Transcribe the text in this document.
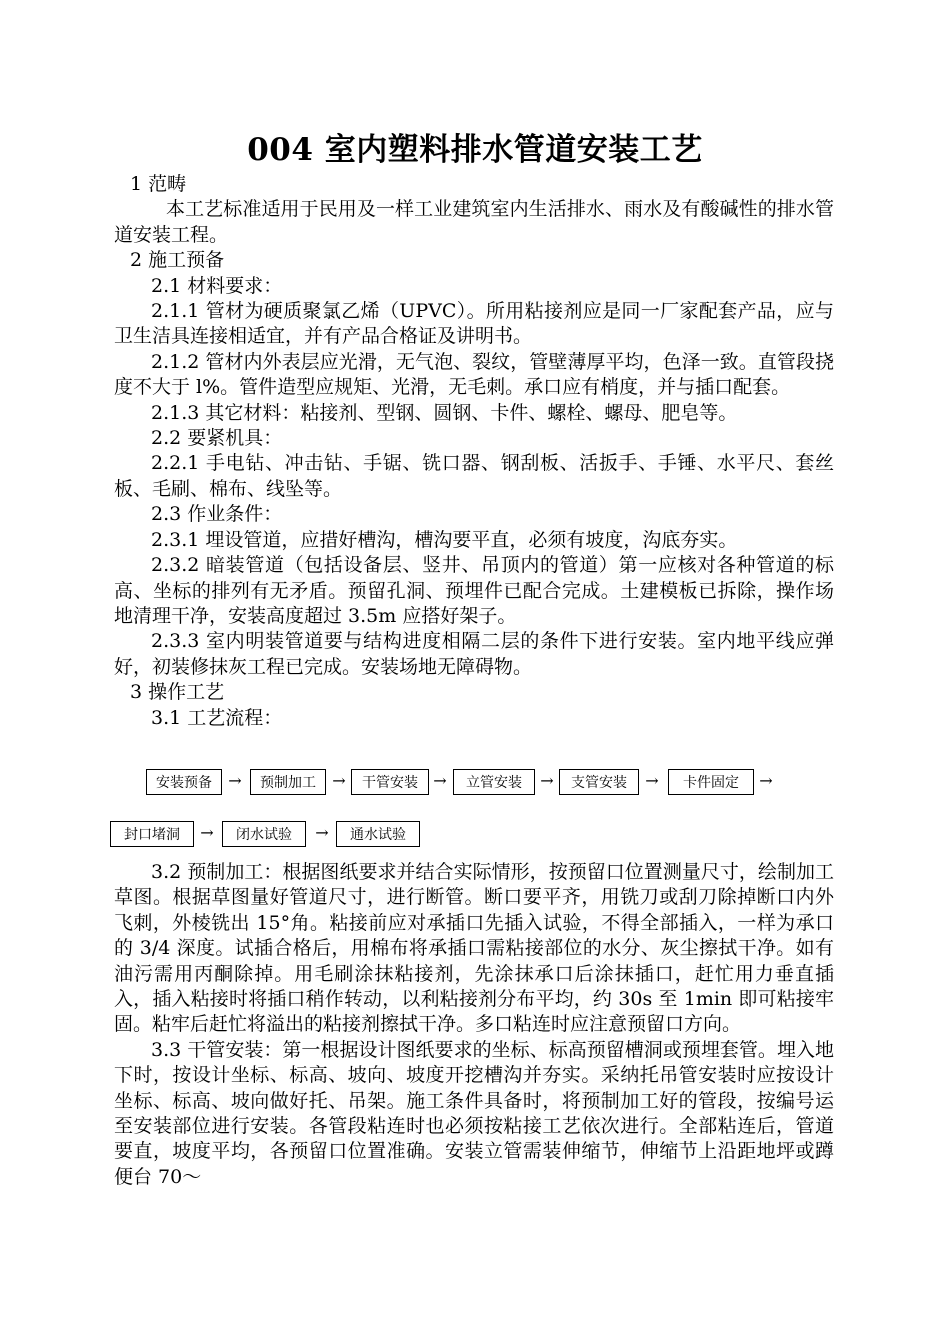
004 室内塑料排水管道安装工艺

1 范畴

本工艺标准适用于民用及一样工业建筑室内生活排水、雨水及有酸碱性的排水管道安装工程。

2 施工预备

2.1 材料要求：

2.1.1 管材为硬质聚氯乙烯（UPVC）。所用粘接剂应是同一厂家配套产品，应与卫生洁具连接相适宜，并有产品合格证及讲明书。

2.1.2 管材内外表层应光滑，无气泡、裂纹，管壁薄厚平均，色泽一致。直管段挠度不大于 l%。管件造型应规矩、光滑，无毛刺。承口应有梢度，并与插口配套。

2.1.3 其它材料：粘接剂、型钢、圆钢、卡件、螺栓、螺母、肥皂等。

2.2 要紧机具：

2.2.1 手电钻、冲击钻、手锯、铣口器、钢刮板、活扳手、手锤、水平尺、套丝板、毛刷、棉布、线坠等。

2.3 作业条件：

2.3.1 埋设管道，应措好槽沟，槽沟要平直，必须有坡度，沟底夯实。

2.3.2 暗装管道（包括设备层、竖井、吊顶内的管道）第一应核对各种管道的标高、坐标的排列有无矛盾。预留孔洞、预埋件已配合完成。土建模板已拆除，操作场地清理干净，安装高度超过 3.5m 应搭好架子。

2.3.3 室内明装管道要与结构进度相隔二层的条件下进行安装。室内地平线应弹好，初装修抹灰工程已完成。安装场地无障碍物。

3 操作工艺

3.1 工艺流程：

安装预备	→	预制加工	→	干管安装 →	立管安装	→	支管安装	→	卡件固定	→
封口堵洞	→	闭水试验	→	通水试验

3.2 预制加工：根据图纸要求并结合实际情形，按预留口位置测量尺寸，绘制加工草图。根据草图量好管道尺寸，进行断管。断口要平齐，用铣刀或刮刀除掉断口内外飞刺，外棱铣出 15°角。粘接前应对承插口先插入试验，不得全部插入，一样为承口的 3/4 深度。试插合格后，用棉布将承插口需粘接部位的水分、灰尘擦拭干净。如有油污需用丙酮除掉。用毛刷涂抹粘接剂，先涂抹承口后涂抹插口，赶忙用力垂直插入，插入粘接时将插口稍作转动，以利粘接剂分布平均，约 30s 至 1min 即可粘接牢固。粘牢后赶忙将溢出的粘接剂擦拭干净。多口粘连时应注意预留口方向。

3.3 干管安装：第一根据设计图纸要求的坐标、标高预留槽洞或预埋套管。埋入地下时，按设计坐标、标高、坡向、坡度开挖槽沟并夯实。采纳托吊管安装时应按设计坐标、标高、坡向做好托、吊架。施工条件具备时，将预制加工好的管段，按编号运至安装部位进行安装。各管段粘连时也必须按粘接工艺依次进行。全部粘连后，管道要直，坡度平均，各预留口位置准确。安装立管需装伸缩节，伸缩节上沿距地坪或蹲便台 70～
